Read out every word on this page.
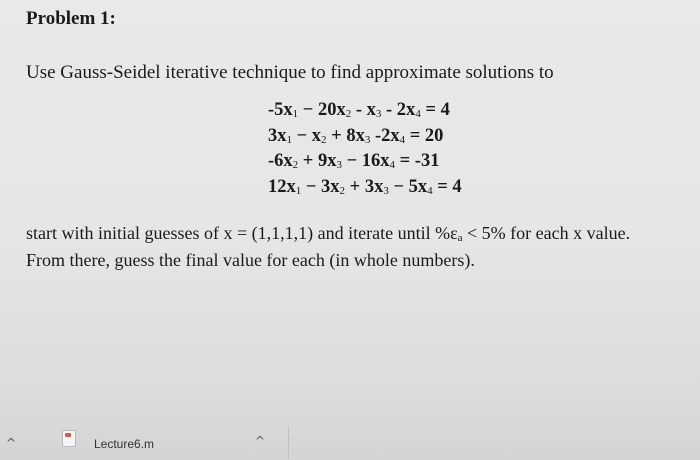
Problem 1:
Use Gauss-Seidel iterative technique to find approximate solutions to
$-5x_1 - 20x_2 - x_3 - 2x_4 = 4$
$3x_1 - x_2 + 8x_3$ $-2x_4 = 20$
$-6x_2 + 9x_3 - 16x_4 = -31$
$12x_1 - 3x_2 + 3x_3 - 5x_4 = 4$
start with initial guesses of x = (1,1,1,1) and iterate until $\%\varepsilon_a < 5\%$ for each x value. From there, guess the final value for each (in whole numbers).
^	Lecture6.m	^
